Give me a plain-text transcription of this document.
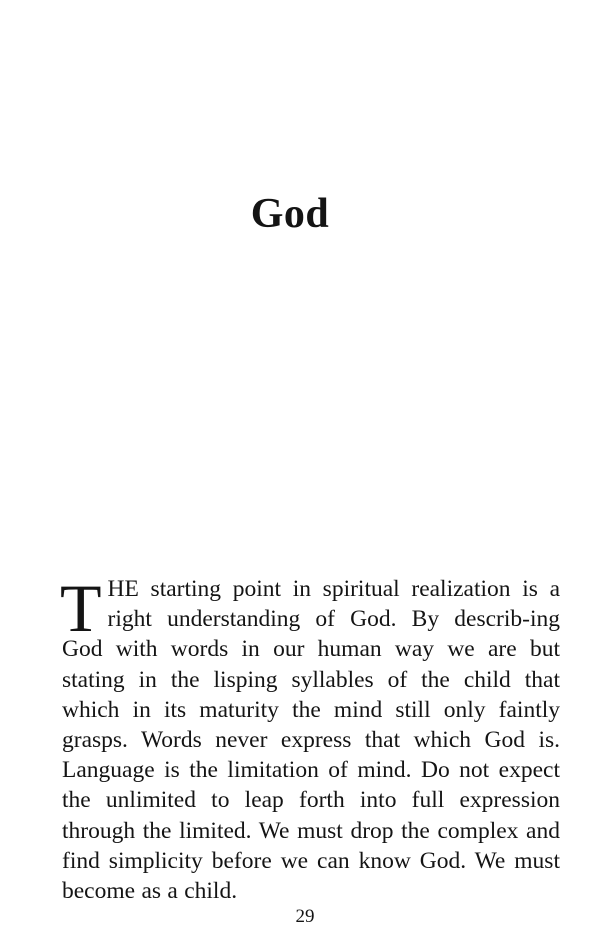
God

THE starting point in spiritual realization is a right understanding of God. By describ-ing God with words in our human way we are but stating in the lisping syllables of the child that which in its maturity the mind still only faintly grasps. Words never express that which God is. Language is the limitation of mind. Do not expect the unlimited to leap forth into full expression through the limited. We must drop the complex and find simplicity before we can know God. We must become as a child.

29
